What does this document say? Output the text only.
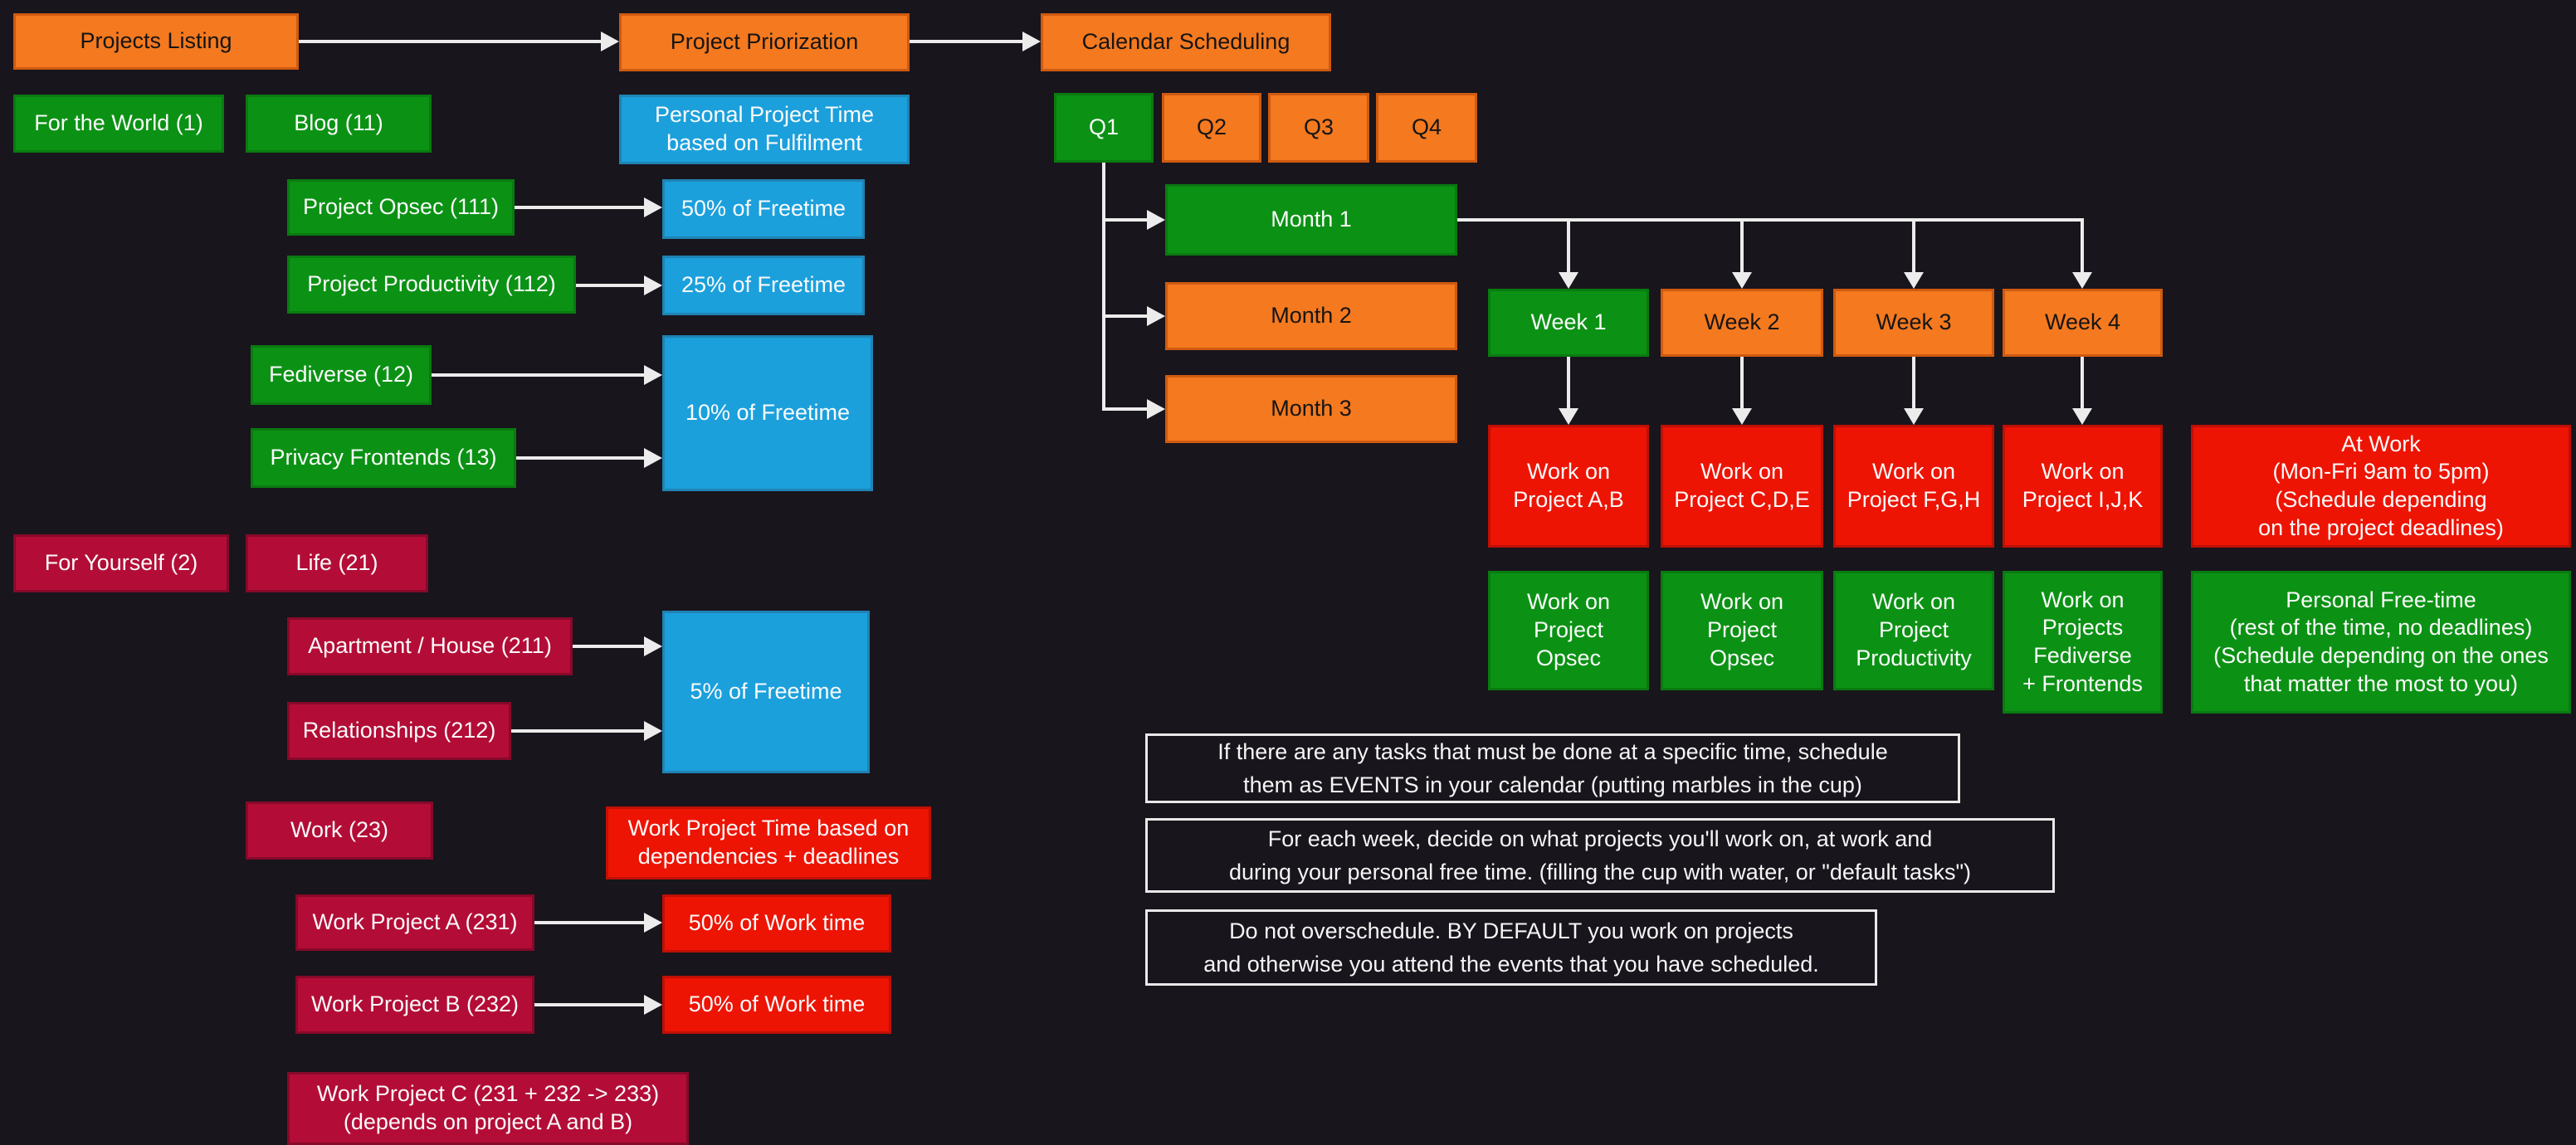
Projects Listing	Project Priorization	Calendar Scheduling
For the World (1)	Blog (11)	Personal Project Time
based on Fulfilment
Q1	Q2	Q3	Q4
Project Opsec (111)	50% of Freetime
Project Productivity (112)	25% of Freetime
Fediverse (12)
Privacy Frontends (13)
10% of Freetime
For Yourself (2)	Life (21)
Apartment / House (211)
Relationships (212)
5% of Freetime
Work (23)	Work Project Time based on
dependencies + deadlines
Work Project A (231)	50% of Work time
Work Project B (232)	50% of Work time
Work Project C (231 + 232 -> 233)
(depends on project A and B)
Month 1
Month 2
Month 3
Week 1	Week 2	Week 3	Week 4
Work on
Project A,B
Work on
Project C,D,E
Work on
Project F,G,H
Work on
Project I,J,K
At Work
(Mon-Fri 9am to 5pm)
(Schedule depending
on the project deadlines)
Work on
Project
Opsec
Work on
Project
Opsec
Work on
Project
Productivity
Work on
Projects
Fediverse
+ Frontends
Personal Free-time
(rest of the time, no deadlines)
(Schedule depending on the ones
that matter the most to you)
If there are any tasks that must be done at a specific time, schedule
them as EVENTS in your calendar (putting marbles in the cup)
For each week, decide on what projects you'll work on, at work and
during your personal free time. (filling the cup with water, or "default tasks")
Do not overschedule. BY DEFAULT you work on projects
and otherwise you attend the events that you have scheduled.
